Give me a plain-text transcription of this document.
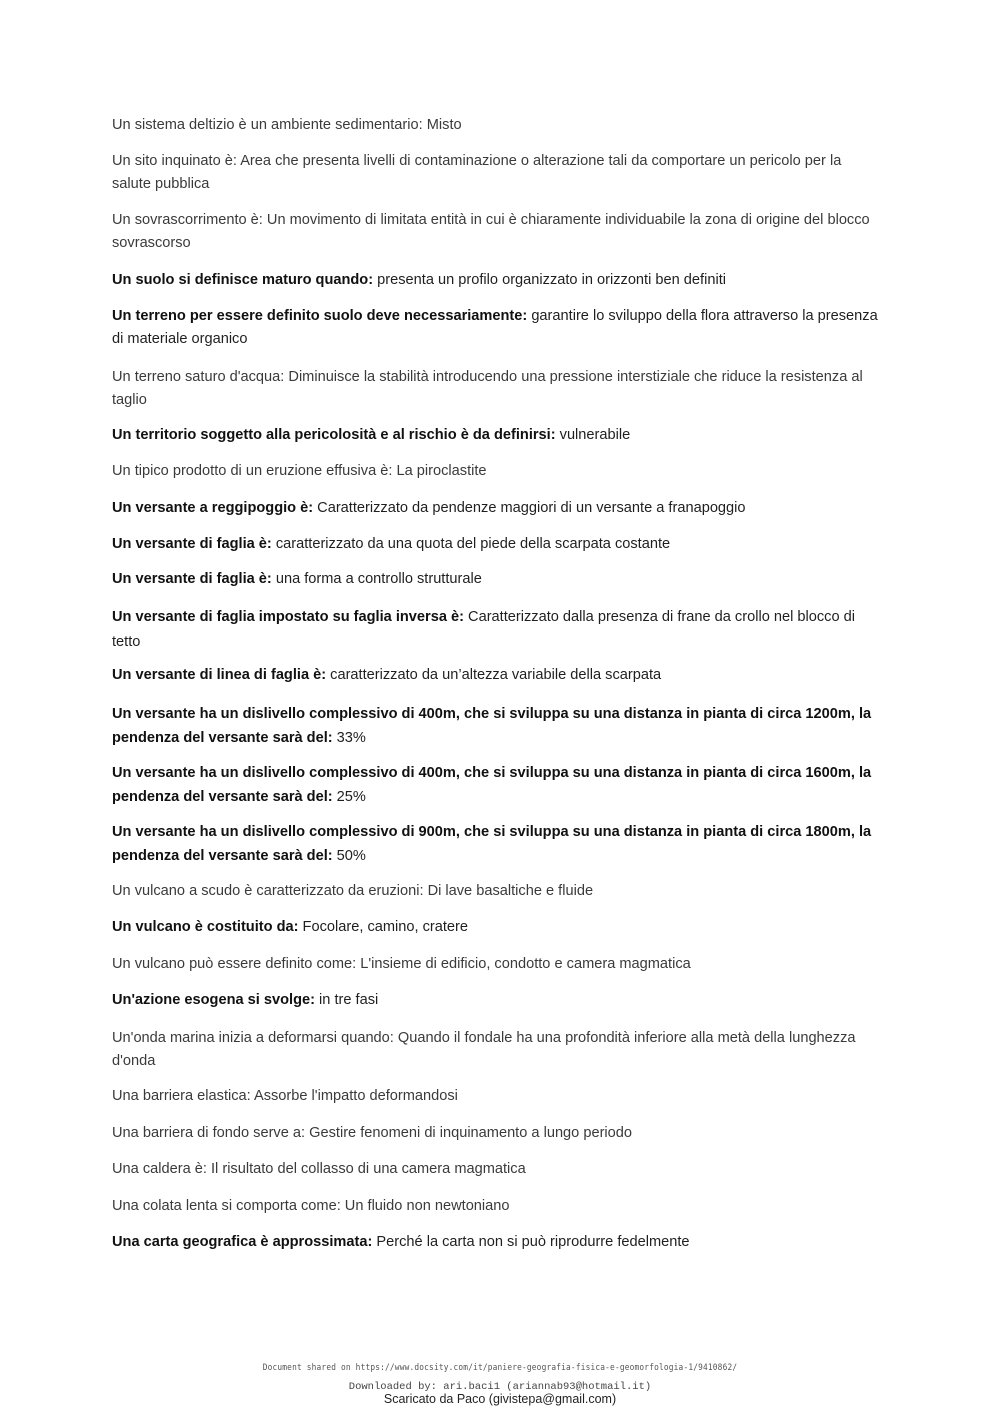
Un sistema deltizio è un ambiente sedimentario: Misto
Un sito inquinato è: Area che presenta livelli di contaminazione o alterazione tali da comportare un pericolo per la salute pubblica
Un sovrascorrimento è: Un movimento di limitata entità in cui è chiaramente individuabile la zona di origine del blocco sovrascorso
Un suolo si definisce maturo quando: presenta un profilo organizzato in orizzonti ben definiti
Un terreno per essere definito suolo deve necessariamente: garantire lo sviluppo della flora attraverso la presenza di materiale organico
Un terreno saturo d'acqua: Diminuisce la stabilità introducendo una pressione interstiziale che riduce la resistenza al taglio
Un territorio soggetto alla pericolosità e al rischio è da definirsi: vulnerabile
Un tipico prodotto di un eruzione effusiva è: La piroclastite
Un versante a reggipoggio è: Caratterizzato da pendenze maggiori di un versante a franapoggio
Un versante di faglia è: caratterizzato da una quota del piede della scarpata costante
Un versante di faglia è: una forma a controllo strutturale
Un versante di faglia impostato su faglia inversa è: Caratterizzato dalla presenza di frane da crollo nel blocco di tetto
Un versante di linea di faglia è: caratterizzato da un’altezza variabile della scarpata
Un versante ha un dislivello complessivo di 400m, che si sviluppa su una distanza in pianta di circa 1200m, la pendenza del versante sarà del: 33%
Un versante ha un dislivello complessivo di 400m, che si sviluppa su una distanza in pianta di circa 1600m, la pendenza del versante sarà del: 25%
Un versante ha un dislivello complessivo di 900m, che si sviluppa su una distanza in pianta di circa 1800m, la pendenza del versante sarà del: 50%
Un vulcano a scudo è caratterizzato da eruzioni: Di lave basaltiche e fluide
Un vulcano è costituito da: Focolare, camino, cratere
Un vulcano può essere definito come: L'insieme di edificio, condotto e camera magmatica
Un'azione esogena si svolge: in tre fasi
Un'onda marina inizia a deformarsi quando: Quando il fondale ha una profondità inferiore alla metà della lunghezza d'onda
Una barriera elastica: Assorbe l'impatto deformandosi
Una barriera di fondo serve a: Gestire fenomeni di inquinamento a lungo periodo
Una caldera è: Il risultato del collasso di una camera magmatica
Una colata lenta si comporta come: Un fluido non newtoniano
Una carta geografica è approssimata: Perché la carta non si può riprodurre fedelmente
Document shared on https://www.docsity.com/it/paniere-geografia-fisica-e-geomorfologia-1/9410862/
Downloaded by: ari.baci1 (ariannab93@hotmail.it)
Scaricato da Paco (givistepa@gmail.com)
